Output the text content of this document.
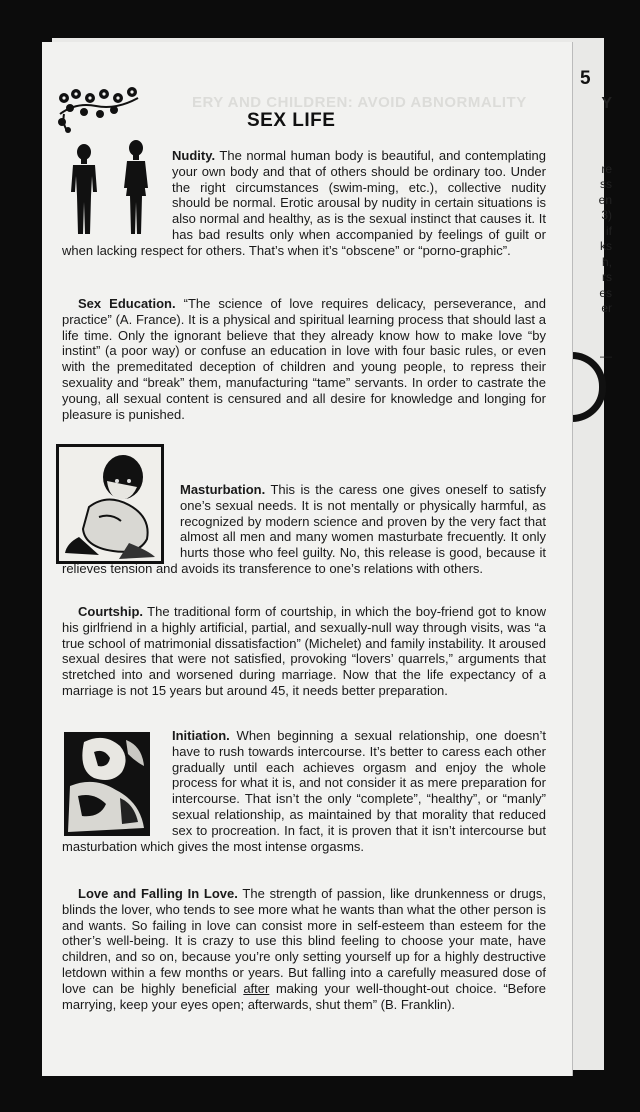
5
Y
re
ss
en
3)
if
ks
h,
rs
es
er
—
ERY AND CHILDREN: AVOID ABNORMALITY
SEX LIFE
Nudity. The normal human body is beautiful, and contemplating your own body and that of others should be ordinary too. Under the right circumstances (swim-ming, etc.), collective nudity should be normal. Erotic arousal by nudity in certain situations is also normal and healthy, as is the sexual instinct that causes it. It has bad results only when accompanied by feelings of guilt or when lacking respect for others. That’s when it’s “obscene” or “porno-graphic”.
Sex Education. “The science of love requires delicacy, perseverance, and practice” (A. France). It is a physical and spiritual learning process that should last a life time. Only the ignorant believe that they already know how to make love “by instint” (a poor way) or confuse an education in love with four basic rules, or even with the premeditated deception of children and young people, to repress their sexuality and “break” them, manufacturing “tame” servants. In order to castrate the young, all sexual content is censured and all desire for knowledge and longing for pleasure is punished.
Masturbation. This is the caress one gives oneself to satisfy one’s sexual needs. It is not mentally or physically harmful, as recognized by modern science and proven by the very fact that almost all men and many women masturbate frecuently. It only hurts those who feel guilty. No, this release is good, because it relieves tension and avoids its transference to one’s relations with others.
Courtship. The traditional form of courtship, in which the boy-friend got to know his girlfriend in a highly artificial, partial, and sexually-null way through visits, was “a true school of matrimonial dissatisfaction” (Michelet) and family instability. It aroused sexual desires that were not satisfied, provoking “lovers’ quarrels,” arguments that stretched into and worsened during marriage. Now that the life expectancy of a marriage is not 15 years but around 45, it needs better preparation.
Initiation. When beginning a sexual relationship, one doesn’t have to rush towards intercourse. It’s better to caress each other gradually until each achieves orgasm and enjoy the whole process for what it is, and not consider it as mere preparation for intercourse. That isn’t the only “complete”, “healthy”, or “manly” sexual relationship, as maintained by that morality that reduced sex to procreation. In fact, it is proven that it isn’t intercourse but masturbation which gives the most intense orgasms.
Love and Falling In Love. The strength of passion, like drunkenness or drugs, blinds the lover, who tends to see more what he wants than what the other person is and wants. So failing in love can consist more in self-esteem than esteem for the other’s well-being. It is crazy to use this blind feeling to choose your mate, have children, and so on, because you’re only setting yourself up for a highly destructive letdown within a few months or years. But falling into a carefully measured dose of love can be highly beneficial after making your well-thought-out choice. “Before marrying, keep your eyes open; afterwards, shut them” (B. Franklin).
